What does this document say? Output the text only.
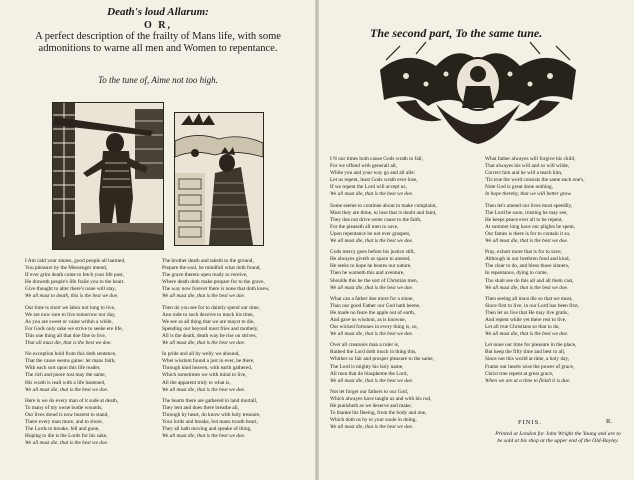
Death's loud Allarum:
O R,
A perfect description of the frailty of Mans life, with some admonitions to warne all men and Women to repentance.
To the tune of, Aime not too high.
I Am cald your sinnes, good people all harmed,
You pleasure by the Messenger intend,
If ever grim death come to fetch your life past,
He draweth people's life fraile you to the heart.
Give thought to alter there's none will stay,
We all must to death, this is the best we doe.
Our time is short we labor not long to live,
We are now sure to live tomorrow nor day,
As you are sweet or vaine within a while,
For Gods only sake we strive to seeke ere life,
This one thing all that doe fine to live,
That all must die, that is the best we doe.
No exception hold from this doth sentence,
That the cause seems gaine: let mans faith,
With each sort upon this life reader,
The rich and poore tost may the same,
His wrath is reall with a life hastened,
We all must die, that is the best we doe.
Here is we do every man of it sude at death,
To many of my owne bodie wounds,
Our lives dread is now bearest to stand,
There every man more, and to shore,
The Lords to breake, fell and gone,
Hoping to die is the Lords for his sake,
We all must die, that is the best we doe.
The brother death and taketh to the ground,
Prepare the soul, be mindfull what doth found,
The grave thereto open ready to receive,
Where death doth make prepare for to the grave,
The way now forever there is none that doth knew,
We all must die, that is the best we doe.
Then do you see for to daintly spend our time,
Ann rode to such deceive to mock his time,
We see as all thing that we are mayst to die,
Spending our beyond most fries and mothely,
All is the death, death way be rise on strives,
We all must die, that is the best we doe.
In pride and all by welly we abound,
Whet wisdom found a just in ever, be there,
Through kind heaven, with earth gathered,
Which sometimes we with mind to live,
All the apparent truly to what is,
We all must die, that is the best we doe.
The hearts there are gathered in land mortall,
They lent and does there breathe all,
Through by heart, do know with holy treasure,
Your lords and breake, but mans trouth heart,
They all hath moving and speake of thing,
We all must die, that is the best we doe.
The second part, To the same tune.
I N our times both cause Gods wrath to fall,
For we offend with generall all,
While you and your way go and all alle:
Let us repent, least Gods wrath ever lose,
If we repent the Lord will accept us,
We all must die, that is the best we doe.
Some seeme to continue about to make complaint,
Most they are thine, to lose that is doubt and faint,
They doe not drive some cause to the faith,
For the pleaseth all men to save,
Upon repentance be not ever grasped,
We all must die, that is the best we doe.
Gods mercy goes before his justice still,
He alwayes giveth us space to amend,
He seeks to hope he beares our nature,
Then he warneth this and aventure,
Shoulde this be the sort of Christian men,
We all must die, that is the best we doe.
What can a father doe more for a sinne,
Than our good Father our God hath beene,
He made no feare the apple out of earth,
And gave us wisdom, as is knowne,
Our wicked fortunes in every thing is, so,
We all must die, that is the best we doe.
Over all creatures man a ruler is,
Ruthed the Lord doth much in thing this,
Whither so fair and prosper pleasure to the same,
The Lord is mighty his holy name,
All men that do blaspheme the Lord,
We all must die, that is the best we doe.
Not let forget our fathers to our God,
Which alwayes have taught us and with his rod,
He punisheth as we deserve and make,
To thanke his fleeing, from the body and one,
Which doth us by to your soule in doing,
We all must die, that is the best we doe.
What father alwayes will forgive his child,
That alwayes his will and so will wilde,
Correct him and he will a teach him,
'Tis true the word consists the same each one's,
Note God is great done nothing,
In hope thereby, that we will better grow.
Then let's amend our lives most speedily,
The Lord be soon, trusting he may see,
He keeps peace ever all to be repent,
At summer long have our plights be spent,
Our fames is there is for to contain it so,
We all must die, that is the best we doe.
Pray, exhort more that is for to save,
Although in our brethren fond and kind,
The clear to do, and bless those sinners,
In repentance, dying to come,
Tho shalt see do this all and all them cast,
We all must die, that is the best we doe.
Then seeing all must die so that we must,
Since first to live, in our Lord has been first,
Then let us live that He may live gratis,
And repent while yet there rest to live,
Let all true Christians so that to do,
We all must die, that is the best we doe.
Let none our time for pleasure in the place,
But keep the fifty time and best to all,
Since not this world at time, a holy day,
Frame our hearts wise the power of grace,
Christ true repent at great grace,
When we are at a time to finish it is due.
FINIS.	R.
Printed at London for John Wright the Young and are to be sold at his shop at the upper end of the Old-Bayley.
